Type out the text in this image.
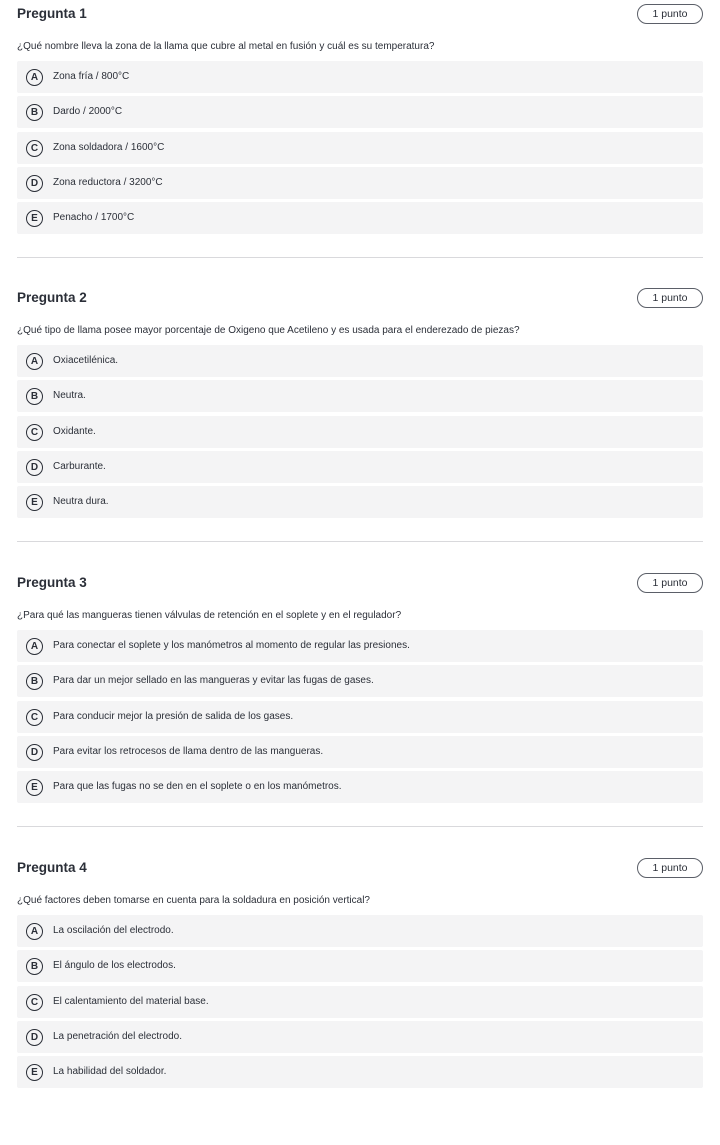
Pregunta 1	1 punto
¿Qué nombre lleva la zona de la llama que cubre al metal en fusión y cuál es su temperatura?
A	Zona fría / 800°C
B	Dardo / 2000°C
C	Zona soldadora / 1600°C
D	Zona reductora / 3200°C
E	Penacho / 1700°C
Pregunta 2	1 punto
¿Qué tipo de llama posee mayor porcentaje de Oxigeno que Acetileno y es usada para el enderezado de piezas?
A	Oxiacetilénica.
B	Neutra.
C	Oxidante.
D	Carburante.
E	Neutra dura.
Pregunta 3	1 punto
¿Para qué las mangueras tienen válvulas de retención en el soplete y en el regulador?
A	Para conectar el soplete y los manómetros al momento de regular las presiones.
B	Para dar un mejor sellado en las mangueras y evitar las fugas de gases.
C	Para conducir mejor la presión de salida de los gases.
D	Para evitar los retrocesos de llama dentro de las mangueras.
E	Para que las fugas no se den en el soplete o en los manómetros.
Pregunta 4	1 punto
¿Qué factores deben tomarse en cuenta para la soldadura en posición vertical?
A	La oscilación del electrodo.
B	El ángulo de los electrodos.
C	El calentamiento del material base.
D	La penetración del electrodo.
E	La habilidad del soldador.
